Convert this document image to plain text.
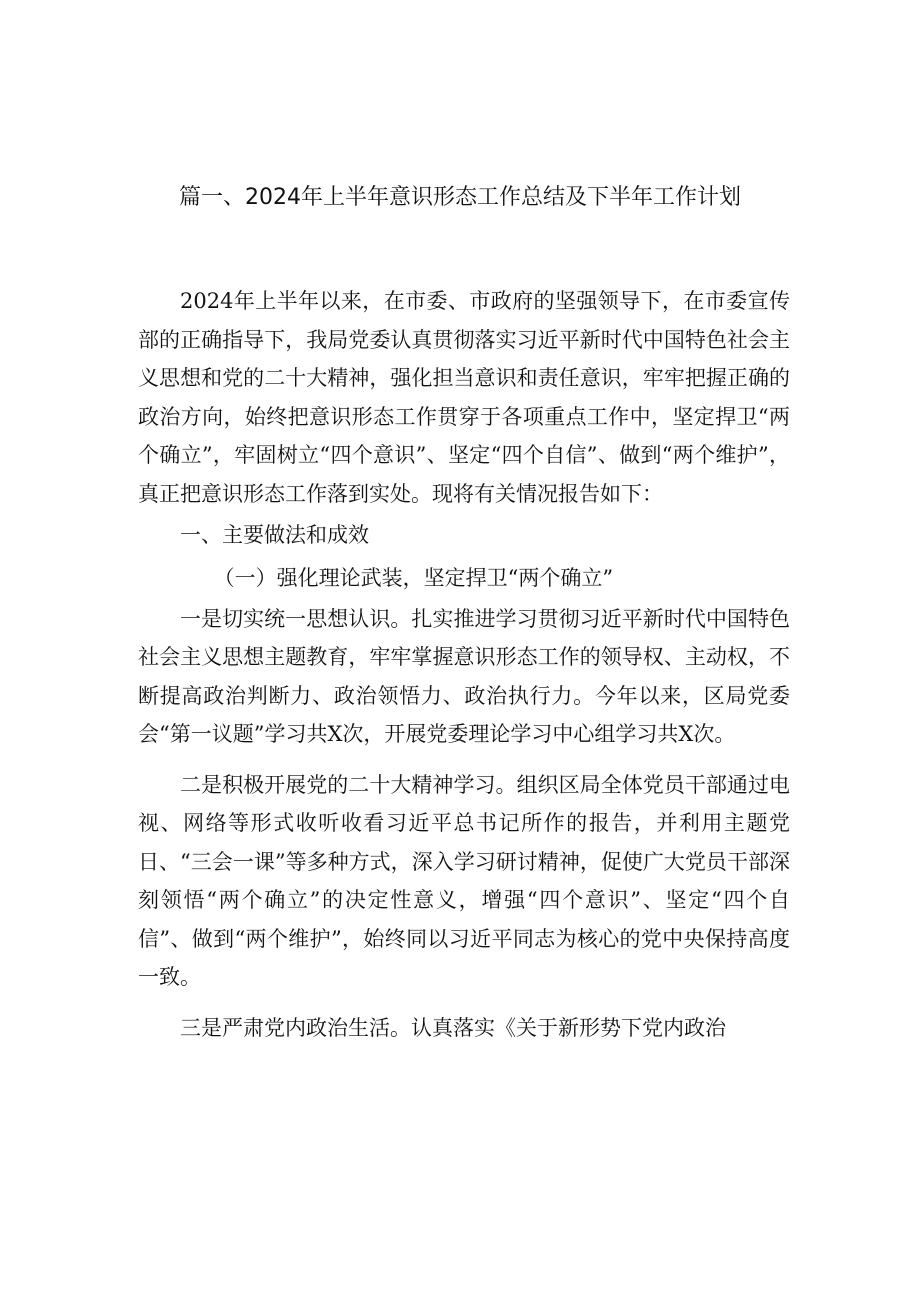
篇一、2024年上半年意识形态工作总结及下半年工作计划

2024年上半年以来，在市委、市政府的坚强领导下，在市委宣传部的正确指导下，我局党委认真贯彻落实习近平新时代中国特色社会主义思想和党的二十大精神，强化担当意识和责任意识，牢牢把握正确的政治方向，始终把意识形态工作贯穿于各项重点工作中，坚定捍卫“两个确立”，牢固树立“四个意识”、坚定“四个自信”、做到“两个维护”，真正把意识形态工作落到实处。现将有关情况报告如下：

一、主要做法和成效

（一）强化理论武装，坚定捍卫“两个确立”

一是切实统一思想认识。扎实推进学习贯彻习近平新时代中国特色社会主义思想主题教育，牢牢掌握意识形态工作的领导权、主动权，不断提高政治判断力、政治领悟力、政治执行力。今年以来，区局党委会“第一议题”学习共X次，开展党委理论学习中心组学习共X次。

二是积极开展党的二十大精神学习。组织区局全体党员干部通过电视、网络等形式收听收看习近平总书记所作的报告，并利用主题党日、“三会一课”等多种方式，深入学习研讨精神，促使广大党员干部深刻领悟“两个确立”的决定性意义，增强“四个意识”、坚定“四个自信”、做到“两个维护”，始终同以习近平同志为核心的党中央保持高度一致。

三是严肃党内政治生活。认真落实《关于新形势下党内政治
